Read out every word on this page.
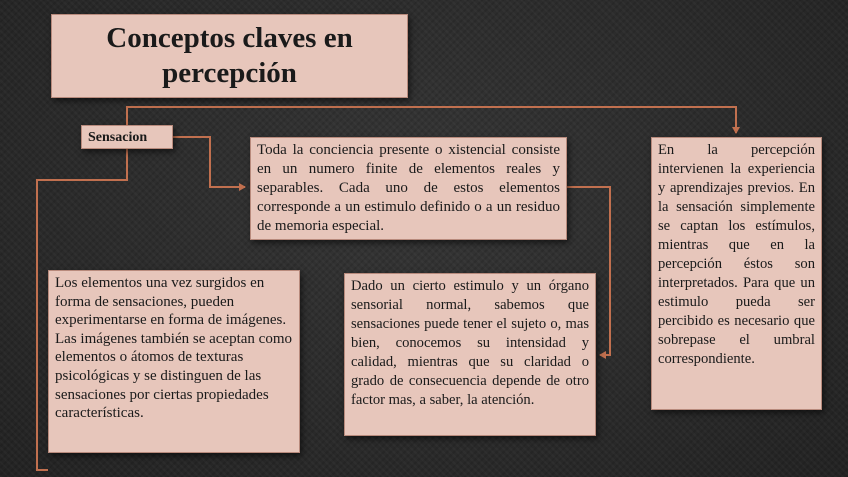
Conceptos claves en percepción
Sensacion
Toda la conciencia presente o xistencial consiste en un numero finite de elementos reales y separables. Cada uno de estos elementos corresponde a un estimulo definido o a un residuo de memoria especial.
Los elementos una vez surgidos en forma de sensaciones, pueden experimentarse en forma de imágenes. Las imágenes también se aceptan como elementos o átomos de texturas psicológicas y se distinguen de las sensaciones por ciertas propiedades características.
Dado un cierto estimulo y un órgano sensorial normal, sabemos que sensaciones puede tener el sujeto o, mas bien, conocemos su intensidad y calidad, mientras que su claridad o grado de consecuencia depende de otro factor mas, a saber, la atención.
En la percepción intervienen la experiencia y aprendizajes previos. En la sensación simplemente se captan los estímulos, mientras que en la percepción éstos son interpretados. Para que un estimulo pueda ser percibido es necesario que sobrepase el umbral correspondiente.
